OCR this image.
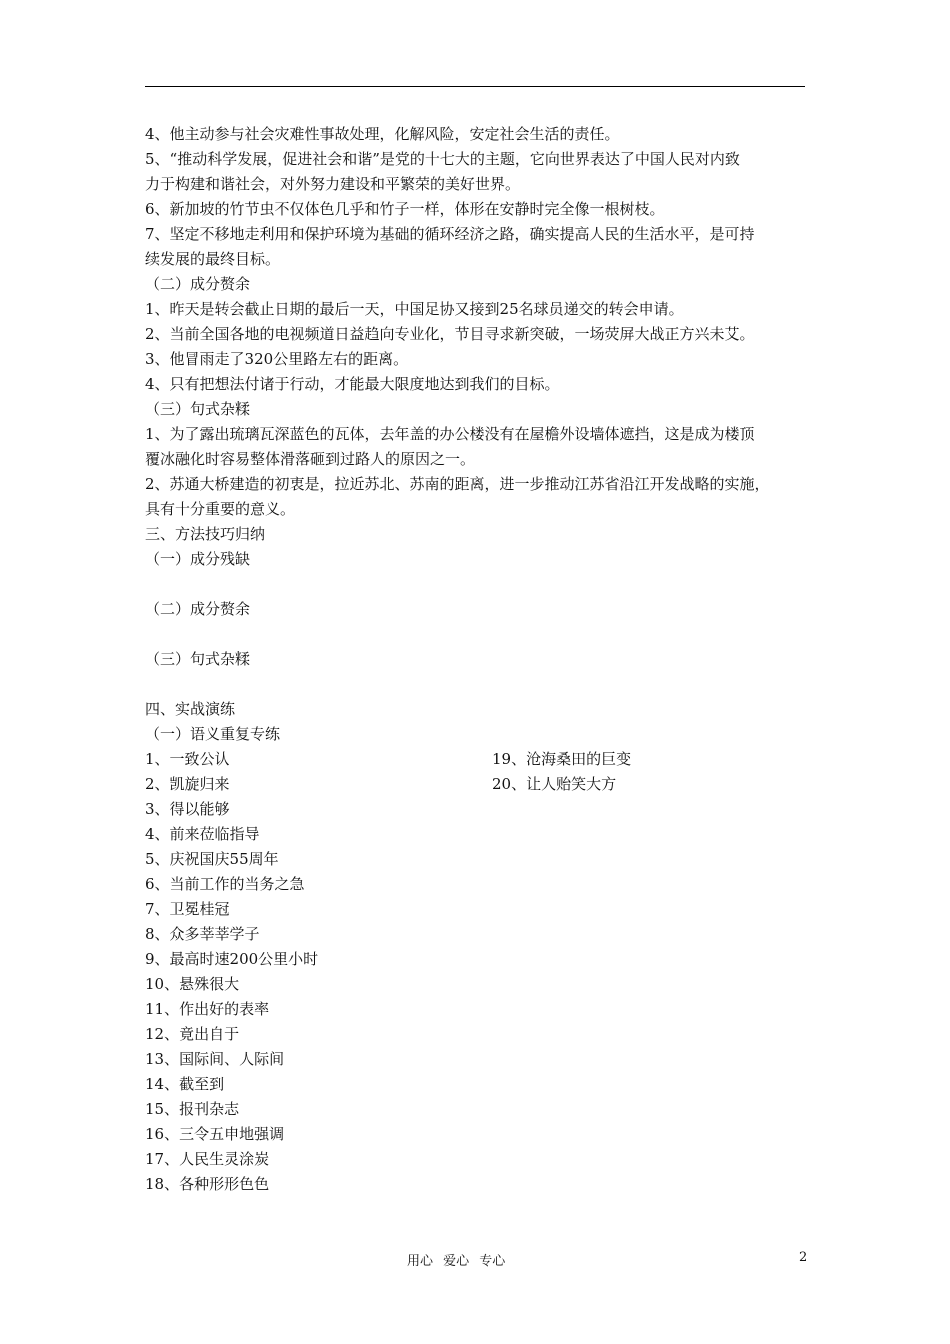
4、他主动参与社会灾难性事故处理，化解风险，安定社会生活的责任。

5、“推动科学发展，促进社会和谐”是党的十七大的主题，它向世界表达了中国人民对内致

力于构建和谐社会，对外努力建设和平繁荣的美好世界。

6、新加坡的竹节虫不仅体色几乎和竹子一样，体形在安静时完全像一根树枝。

7、坚定不移地走利用和保护环境为基础的循环经济之路，确实提高人民的生活水平，是可持

续发展的最终目标。

（二）成分赘余

1、昨天是转会截止日期的最后一天，中国足协又接到25名球员递交的转会申请。

2、当前全国各地的电视频道日益趋向专业化，节目寻求新突破，一场荧屏大战正方兴未艾。

3、他冒雨走了320公里路左右的距离。

4、只有把想法付诸于行动，才能最大限度地达到我们的目标。

（三）句式杂糅

1、为了露出琉璃瓦深蓝色的瓦体，去年盖的办公楼没有在屋檐外设墙体遮挡，这是成为楼顶

覆冰融化时容易整体滑落砸到过路人的原因之一。

2、苏通大桥建造的初衷是，拉近苏北、苏南的距离，进一步推动江苏省沿江开发战略的实施，

具有十分重要的意义。

三、方法技巧归纳

（一）成分残缺

（二）成分赘余

（三）句式杂糅

四、实战演练

（一）语义重复专练

1、一致公认

2、凯旋归来

3、得以能够

4、前来莅临指导

5、庆祝国庆55周年

6、当前工作的当务之急

7、卫冕桂冠

8、众多莘莘学子

9、最高时速200公里小时

10、悬殊很大

11、作出好的表率

12、竟出自于

13、国际间、人际间

14、截至到

15、报刊杂志

16、三令五申地强调

17、人民生灵涂炭

18、各种形形色色

19、沧海桑田的巨变

20、让人贻笑大方

用心 爱心 专心	2
